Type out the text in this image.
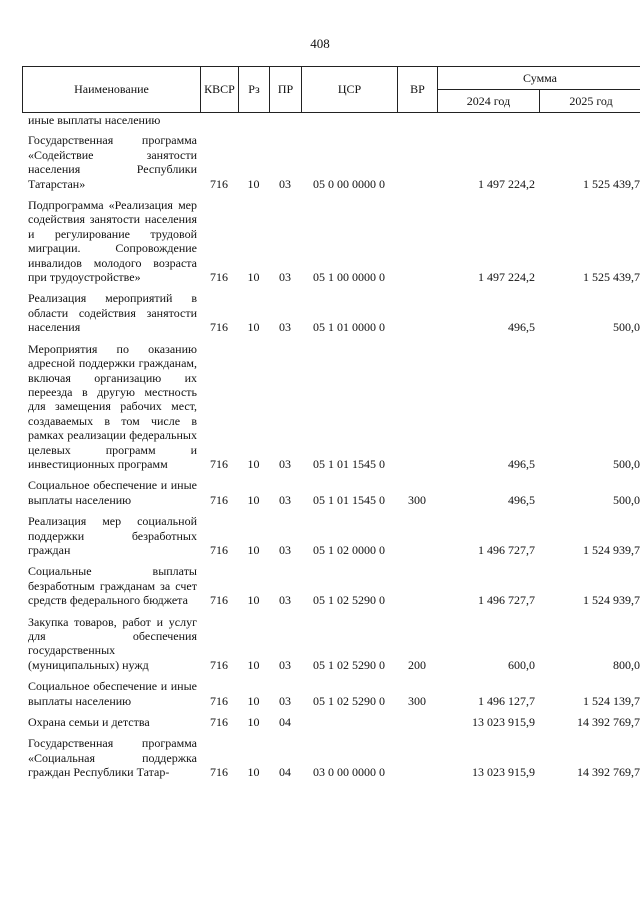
408
Наименование	КВСР	Рз	ПР	ЦСР	ВР	Сумма	
						2024 год	2025 год
иные выплаты населению							
Государственная программа «Содействие занятости населения Республики Татарстан»	716	10	03	05 0 00 0000 0		1 497 224,2	1 525 439,7
Подпрограмма «Реализация мер содействия занятости населения и регулирование трудовой миграции. Сопровождение инвалидов молодого возраста при трудоустройстве»	716	10	03	05 1 00 0000 0		1 497 224,2	1 525 439,7
Реализация мероприятий в области содействия занятости населения	716	10	03	05 1 01 0000 0		496,5	500,0
Мероприятия по оказанию адресной поддержки гражданам, включая организацию их переезда в другую местность для замещения рабочих мест, создаваемых в том числе в рамках реализации федеральных целевых программ и инвестиционных программ	716	10	03	05 1 01 1545 0		496,5	500,0
Социальное обеспечение и иные выплаты населению	716	10	03	05 1 01 1545 0	300	496,5	500,0
Реализация мер социальной поддержки безработных граждан	716	10	03	05 1 02 0000 0		1 496 727,7	1 524 939,7
Социальные выплаты безработным гражданам за счет средств федерального бюджета	716	10	03	05 1 02 5290 0		1 496 727,7	1 524 939,7
Закупка товаров, работ и услуг для обеспечения государственных (муниципальных) нужд	716	10	03	05 1 02 5290 0	200	600,0	800,0
Социальное обеспечение и иные выплаты населению	716	10	03	05 1 02 5290 0	300	1 496 127,7	1 524 139,7
Охрана семьи и детства	716	10	04			13 023 915,9	14 392 769,7
Государственная программа «Социальная поддержка граждан Республики Татар-	716	10	04	03 0 00 0000 0		13 023 915,9	14 392 769,7
